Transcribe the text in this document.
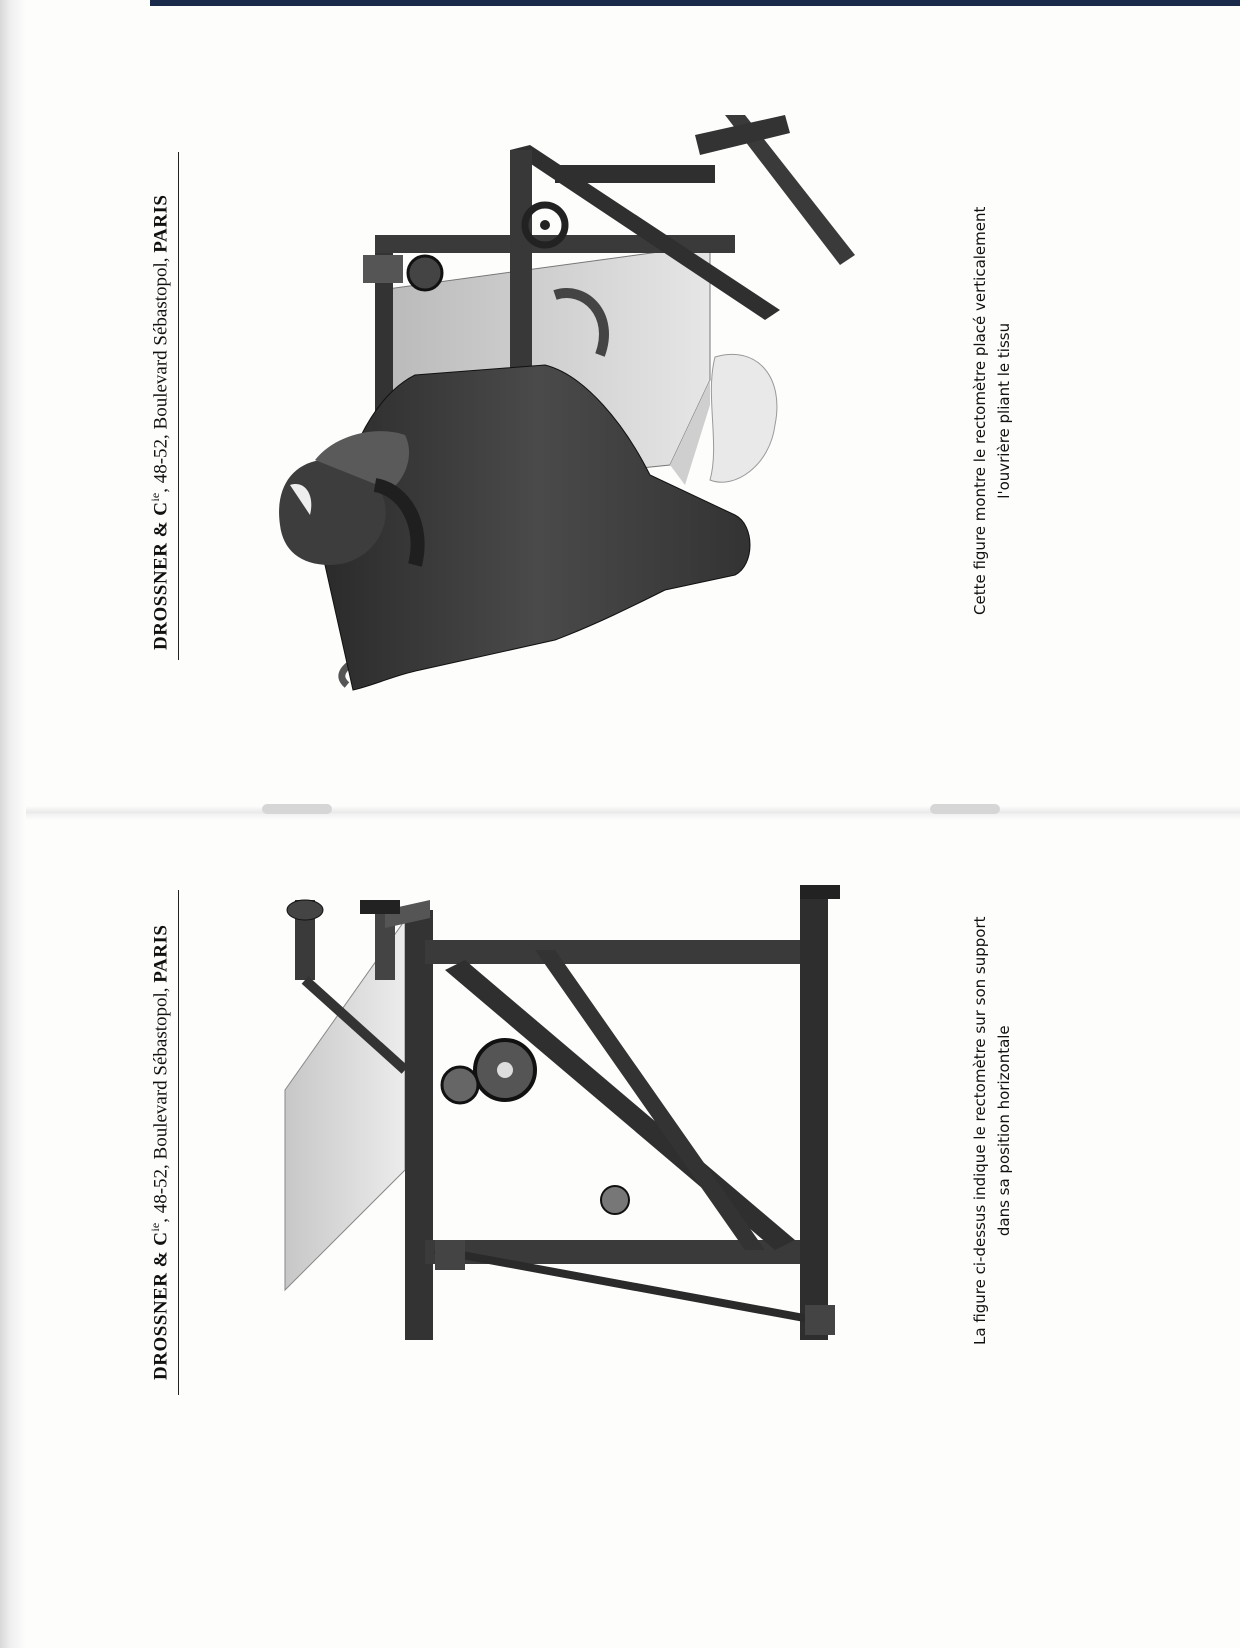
DROSSNER & $C^{ie}$, 48-52, Boulevard Sébastopol, PARIS	Cette figure montre le rectomètre placé verticalement l'ouvrière pliant le tissu
DROSSNER & $C^{ie}$, 48-52, Boulevard Sébastopol, PARIS	La figure ci-dessus indique le rectomètre sur son support dans sa position horizontale
